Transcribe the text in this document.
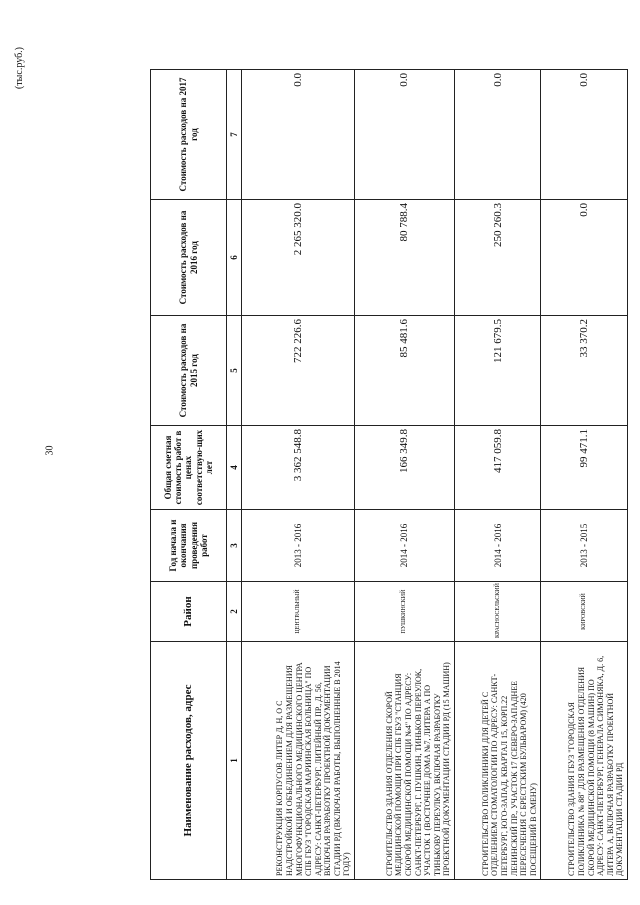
30
(тыс.руб.)
Наименование расходов, адрес	Район	Год начала и окончания проведения работ	Общая сметная стоимость работ в ценах соответствую-щих лет	Стоимость расходов на 2015 год	Стоимость расходов на 2016 год	Стоимость расходов на 2017 год
1	2	3	4	5	6	7
РЕКОНСТРУКЦИЯ КОРПУСОВ ЛИТЕР Д, Н, О С НАДСТРОЙКОЙ И ОБЪЕДИНЕНИЕМ ДЛЯ РАЗМЕЩЕНИЯ МНОГОФУНКЦИОНАЛЬНОГО МЕДИЦИНСКОГО ЦЕНТРА СПБ ГБУЗ "ГОРОДСКАЯ МАРИИНСКАЯ БОЛЬНИЦА" ПО АДРЕСУ: САНКТ-ПЕТЕРБУРГ, ЛИТЕЙНЫЙ ПР., Д. 56, ВКЛЮЧАЯ РАЗРАБОТКУ ПРОЕКТНОЙ ДОКУМЕНТАЦИИ СТАДИИ РД (ВКЛЮЧАЯ РАБОТЫ, ВЫПОЛНЕННЫЕ В 2014 ГОДУ)	ЦЕНТРАЛЬНЫЙ	2013 - 2016	3 362 548.8	722 226.6	2 265 320.0	0.0
СТРОИТЕЛЬСТВО ЗДАНИЯ ОТДЕЛЕНИЯ СКОРОЙ МЕДИЦИНСКОЙ ПОМОЩИ ПРИ СПБ ГБУЗ "СТАНЦИЯ СКОРОЙ МЕДИЦИНСКОЙ ПОМОЩИ №4" ПО АДРЕСУ: САНКТ-ПЕТЕРБУРГ, Г. ПУШКИН, ТИНЬКОВ ПЕРЕУЛОК, УЧАСТОК 1 (ВОСТОЧНЕЕ ДОМА №7, ЛИТЕРА А ПО ТИНЬКОВУ ПЕРЕУЛКУ), ВКЛЮЧАЯ РАЗРАБОТКУ ПРОЕКТНОЙ ДОКУМЕНТАЦИИ СТАДИИ РД (15 МАШИН)	ПУШКИНСКИЙ	2014 - 2016	166 349.8	85 481.6	80 788.4	0.0
СТРОИТЕЛЬСТВО ПОЛИКЛИНИКИ ДЛЯ ДЕТЕЙ С ОТДЕЛЕНИЕМ СТОМАТОЛОГИИ ПО АДРЕСУ: САНКТ-ПЕТЕРБУРГ, ЮГО-ЗАПАД, КВАРТАЛ 15, КОРП.22 ЛЕНИНСКИЙ ПР., УЧАСТОК 17 (СЕВЕРО-ЗАПАДНЕЕ ПЕРЕСЕЧЕНИЯ С БРЕСТСКИМ БУЛЬВАРОМ) (420 ПОСЕЩЕНИЙ В СМЕНУ)	КРАСНОСЕЛЬСКИЙ	2014 - 2016	417 059.8	121 679.5	250 260.3	0.0
СТРОИТЕЛЬСТВО ЗДАНИЯ ГБУЗ "ГОРОДСКАЯ ПОЛИКЛИНИКА № 88" ДЛЯ РАЗМЕЩЕНИЯ ОТДЕЛЕНИЯ СКОРОЙ МЕДИЦИНСКОЙ ПОМОЩИ (8 МАШИН) ПО АДРЕСУ: САНКТ-ПЕТЕРБУРГ, ГЕНЕРАЛА СИМОНЯКА, Д. 6, ЛИТЕРА А, ВКЛЮЧАЯ РАЗРАБОТКУ ПРОЕКТНОЙ ДОКУМЕНТАЦИИ СТАДИИ РД	КИРОВСКИЙ	2013 - 2015	99 471.1	33 370.2	0.0	0.0
